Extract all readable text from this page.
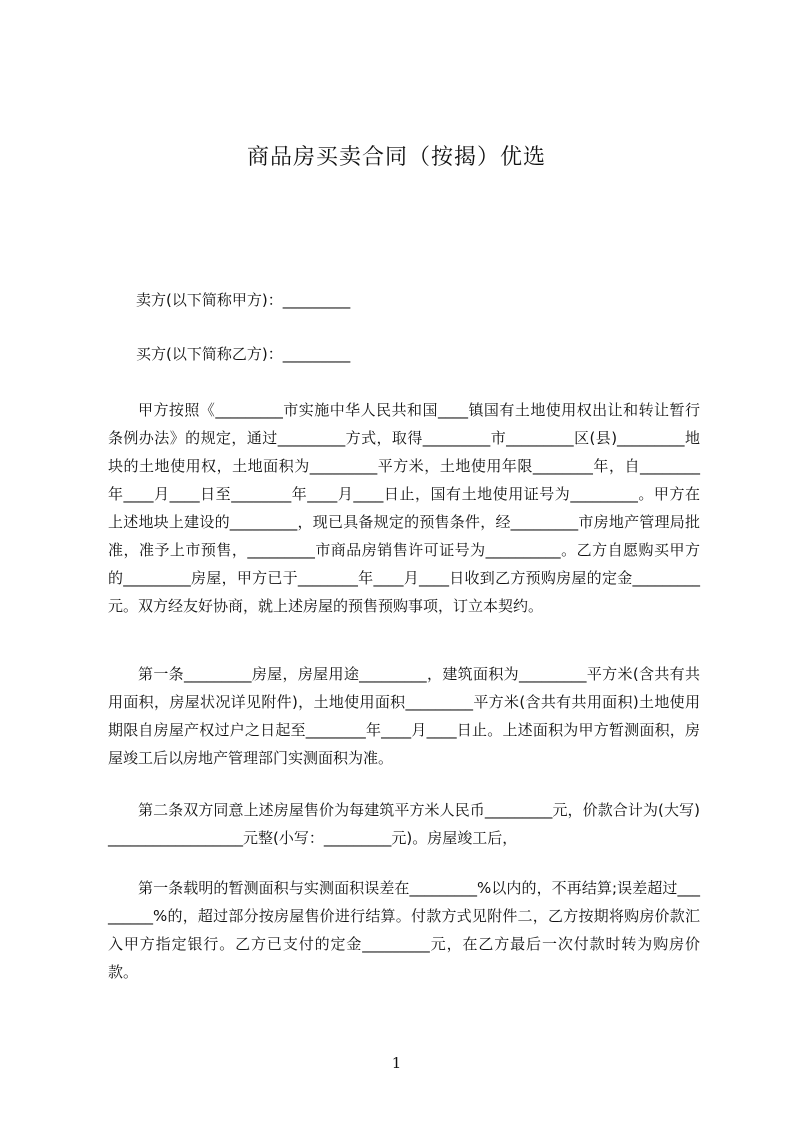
商品房买卖合同（按揭）优选
卖方(以下简称甲方)：_________
买方(以下简称乙方)：_________
甲方按照《_________市实施中华人民共和国____镇国有土地使用权出让和转让暂行条例办法》的规定，通过_________方式，取得_________市_________区(县)_________地块的土地使用权，土地面积为_________平方米，土地使用年限________年，自________年____月____日至________年____月____日止，国有土地使用证号为_________。甲方在上述地块上建设的_________，现已具备规定的预售条件，经_________市房地产管理局批准，准予上市预售，_________市商品房销售许可证号为__________。乙方自愿购买甲方的_________房屋，甲方已于________年____月____日收到乙方预购房屋的定金_________元。双方经友好协商，就上述房屋的预售预购事项，订立本契约。
第一条_________房屋，房屋用途_________，建筑面积为_________平方米(含共有共用面积，房屋状况详见附件)，土地使用面积_________平方米(含共有共用面积)土地使用期限自房屋产权过户之日起至________年____月____日止。上述面积为甲方暂测面积，房屋竣工后以房地产管理部门实测面积为准。
第二条双方同意上述房屋售价为每建筑平方米人民币_________元，价款合计为(大写)__________________元整(小写：_________元)。房屋竣工后，
第一条载明的暂测面积与实测面积误差在_________%以内的，不再结算;误差超过_________%的，超过部分按房屋售价进行结算。付款方式见附件二，乙方按期将购房价款汇入甲方指定银行。乙方已支付的定金_________元，在乙方最后一次付款时转为购房价款。
1
